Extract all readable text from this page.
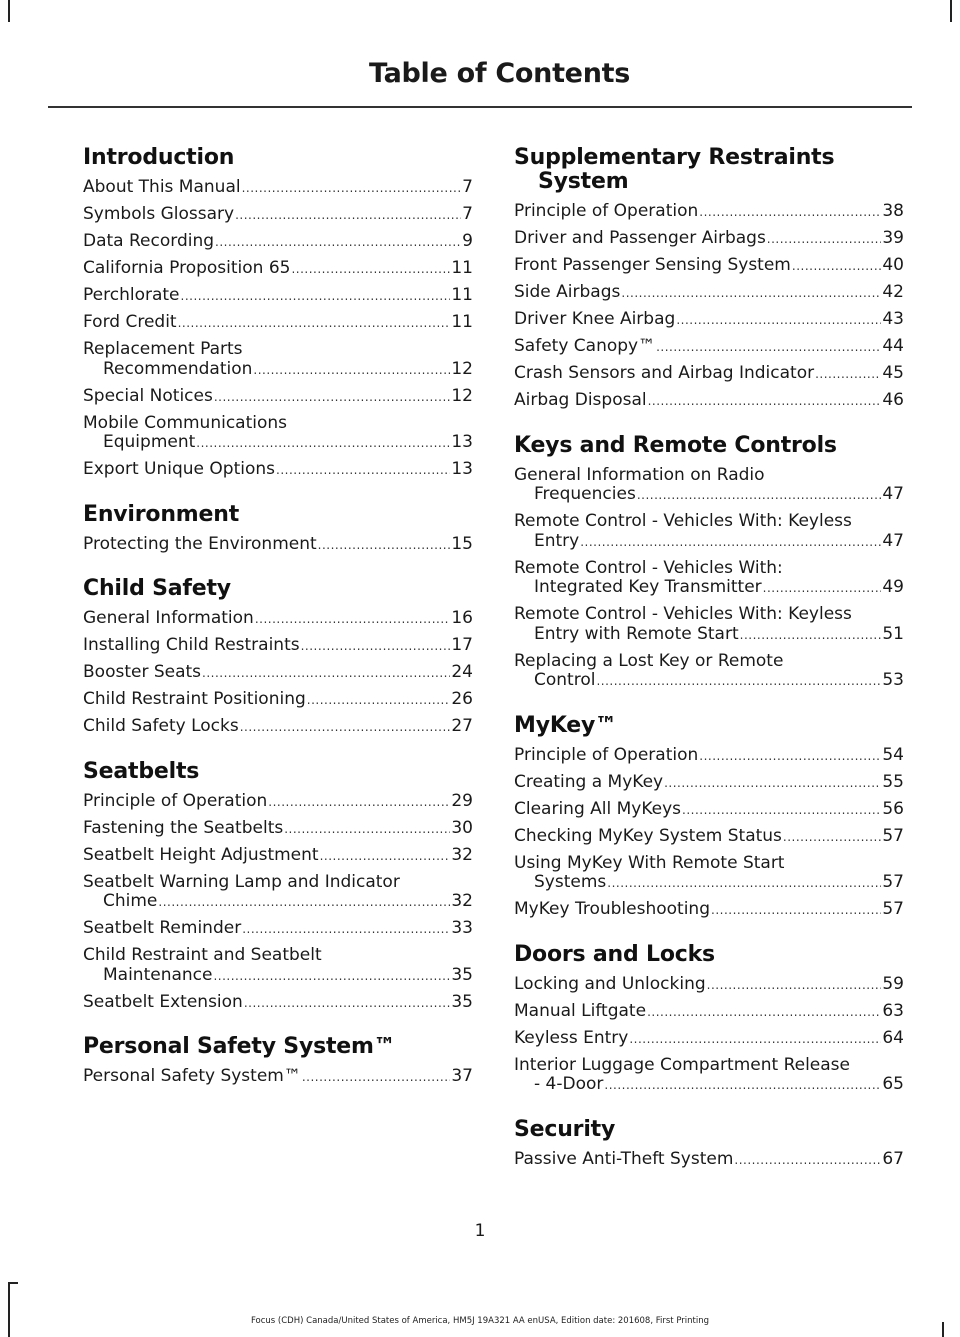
Table of Contents
Introduction
About This Manual .....	7
Symbols Glossary .....	7
Data Recording .....	9
California Proposition 65 .....	11
Perchlorate .....	11
Ford Credit .....	11
Replacement Parts
Recommendation .....	12
Special Notices .....	12
Mobile Communications
Equipment .....	13
Export Unique Options .....	13
Environment
Protecting the Environment .....	15
Child Safety
General Information .....	16
Installing Child Restraints .....	17
Booster Seats .....	24
Child Restraint Positioning .....	26
Child Safety Locks .....	27
Seatbelts
Principle of Operation .....	29
Fastening the Seatbelts .....	30
Seatbelt Height Adjustment .....	32
Seatbelt Warning Lamp and Indicator
Chime .....	32
Seatbelt Reminder .....	33
Child Restraint and Seatbelt
Maintenance .....	35
Seatbelt Extension .....	35
Personal Safety System™
Personal Safety System™ .....	37
Supplementary Restraints

System
Principle of Operation .....	38
Driver and Passenger Airbags .....	39
Front Passenger Sensing System .....	40
Side Airbags .....	42
Driver Knee Airbag .....	43
Safety Canopy™ .....	44
Crash Sensors and Airbag Indicator .....	45
Airbag Disposal .....	46
Keys and Remote Controls
General Information on Radio
Frequencies .....	47
Remote Control - Vehicles With: Keyless
Entry .....	47
Remote Control - Vehicles With:
Integrated Key Transmitter .....	49
Remote Control - Vehicles With: Keyless
Entry with Remote Start .....	51
Replacing a Lost Key or Remote
Control .....	53
MyKey™
Principle of Operation .....	54
Creating a MyKey .....	55
Clearing All MyKeys .....	56
Checking MyKey System Status .....	57
Using MyKey With Remote Start
Systems .....	57
MyKey Troubleshooting .....	57
Doors and Locks
Locking and Unlocking .....	59
Manual Liftgate .....	63
Keyless Entry .....	64
Interior Luggage Compartment Release
- 4-Door .....	65
Security
Passive Anti-Theft System .....	67
1
Focus (CDH) Canada/United States of America, HM5J 19A321 AA enUSA, Edition date: 201608, First Printing
